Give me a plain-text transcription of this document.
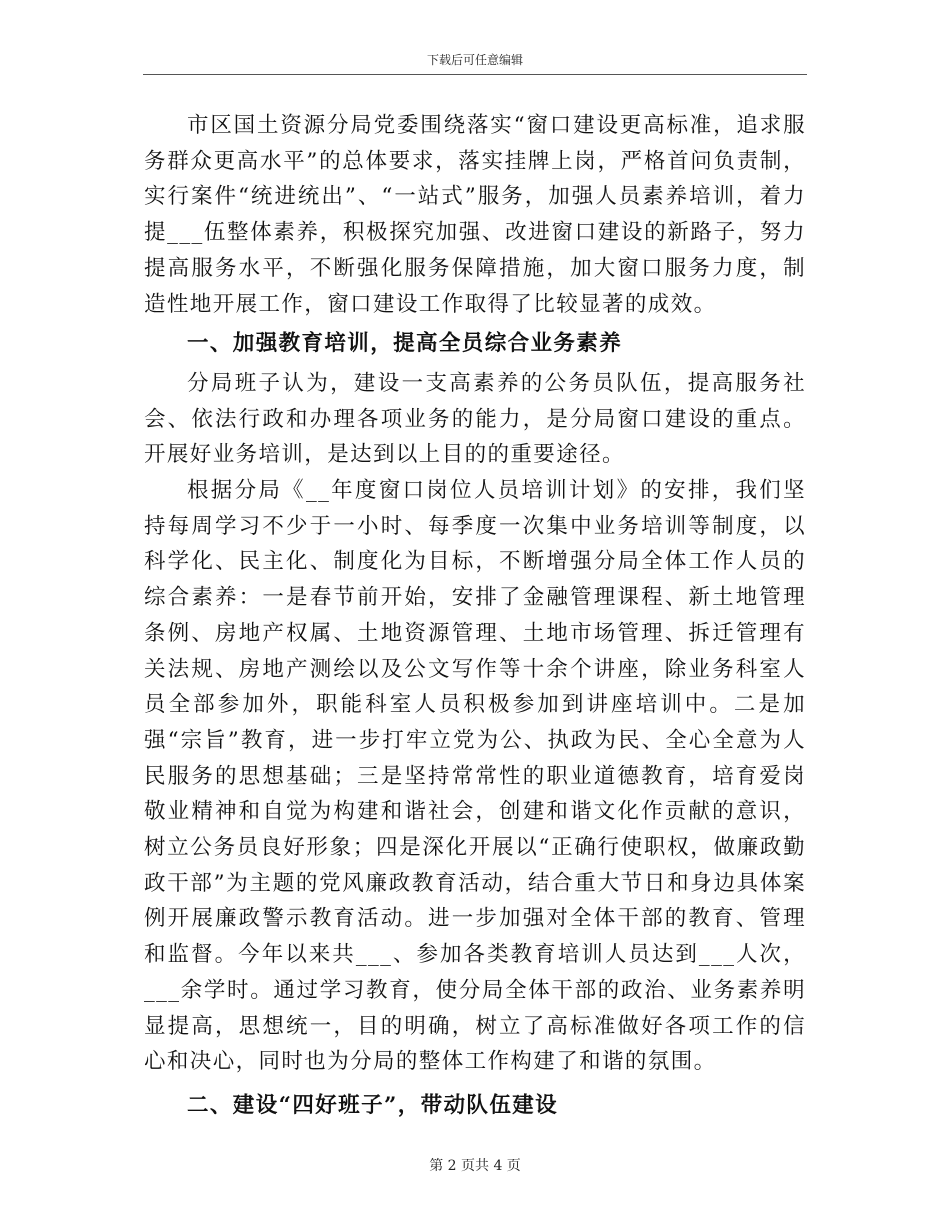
下载后可任意编辑

市区国土资源分局党委围绕落实“窗口建设更高标准，追求服务群众更高水平”的总体要求，落实挂牌上岗，严格首问负责制，实行案件“统进统出”、“一站式”服务，加强人员素养培训，着力提___伍整体素养，积极探究加强、改进窗口建设的新路子，努力提高服务水平，不断强化服务保障措施，加大窗口服务力度，制造性地开展工作，窗口建设工作取得了比较显著的成效。

一、加强教育培训，提高全员综合业务素养

分局班子认为，建设一支高素养的公务员队伍，提高服务社会、依法行政和办理各项业务的能力，是分局窗口建设的重点。开展好业务培训，是达到以上目的的重要途径。

根据分局《__年度窗口岗位人员培训计划》的安排，我们坚持每周学习不少于一小时、每季度一次集中业务培训等制度，以科学化、民主化、制度化为目标，不断增强分局全体工作人员的综合素养：一是春节前开始，安排了金融管理课程、新土地管理条例、房地产权属、土地资源管理、土地市场管理、拆迁管理有关法规、房地产测绘以及公文写作等十余个讲座，除业务科室人员全部参加外，职能科室人员积极参加到讲座培训中。二是加强“宗旨”教育，进一步打牢立党为公、执政为民、全心全意为人民服务的思想基础；三是坚持常常性的职业道德教育，培育爱岗敬业精神和自觉为构建和谐社会，创建和谐文化作贡献的意识，树立公务员良好形象；四是深化开展以“正确行使职权，做廉政勤政干部”为主题的党风廉政教育活动，结合重大节日和身边具体案例开展廉政警示教育活动。进一步加强对全体干部的教育、管理和监督。今年以来共___、参加各类教育培训人员达到___人次，___余学时。通过学习教育，使分局全体干部的政治、业务素养明显提高，思想统一，目的明确，树立了高标准做好各项工作的信心和决心，同时也为分局的整体工作构建了和谐的氛围。

二、建设“四好班子”，带动队伍建设

第 2 页共 4 页
